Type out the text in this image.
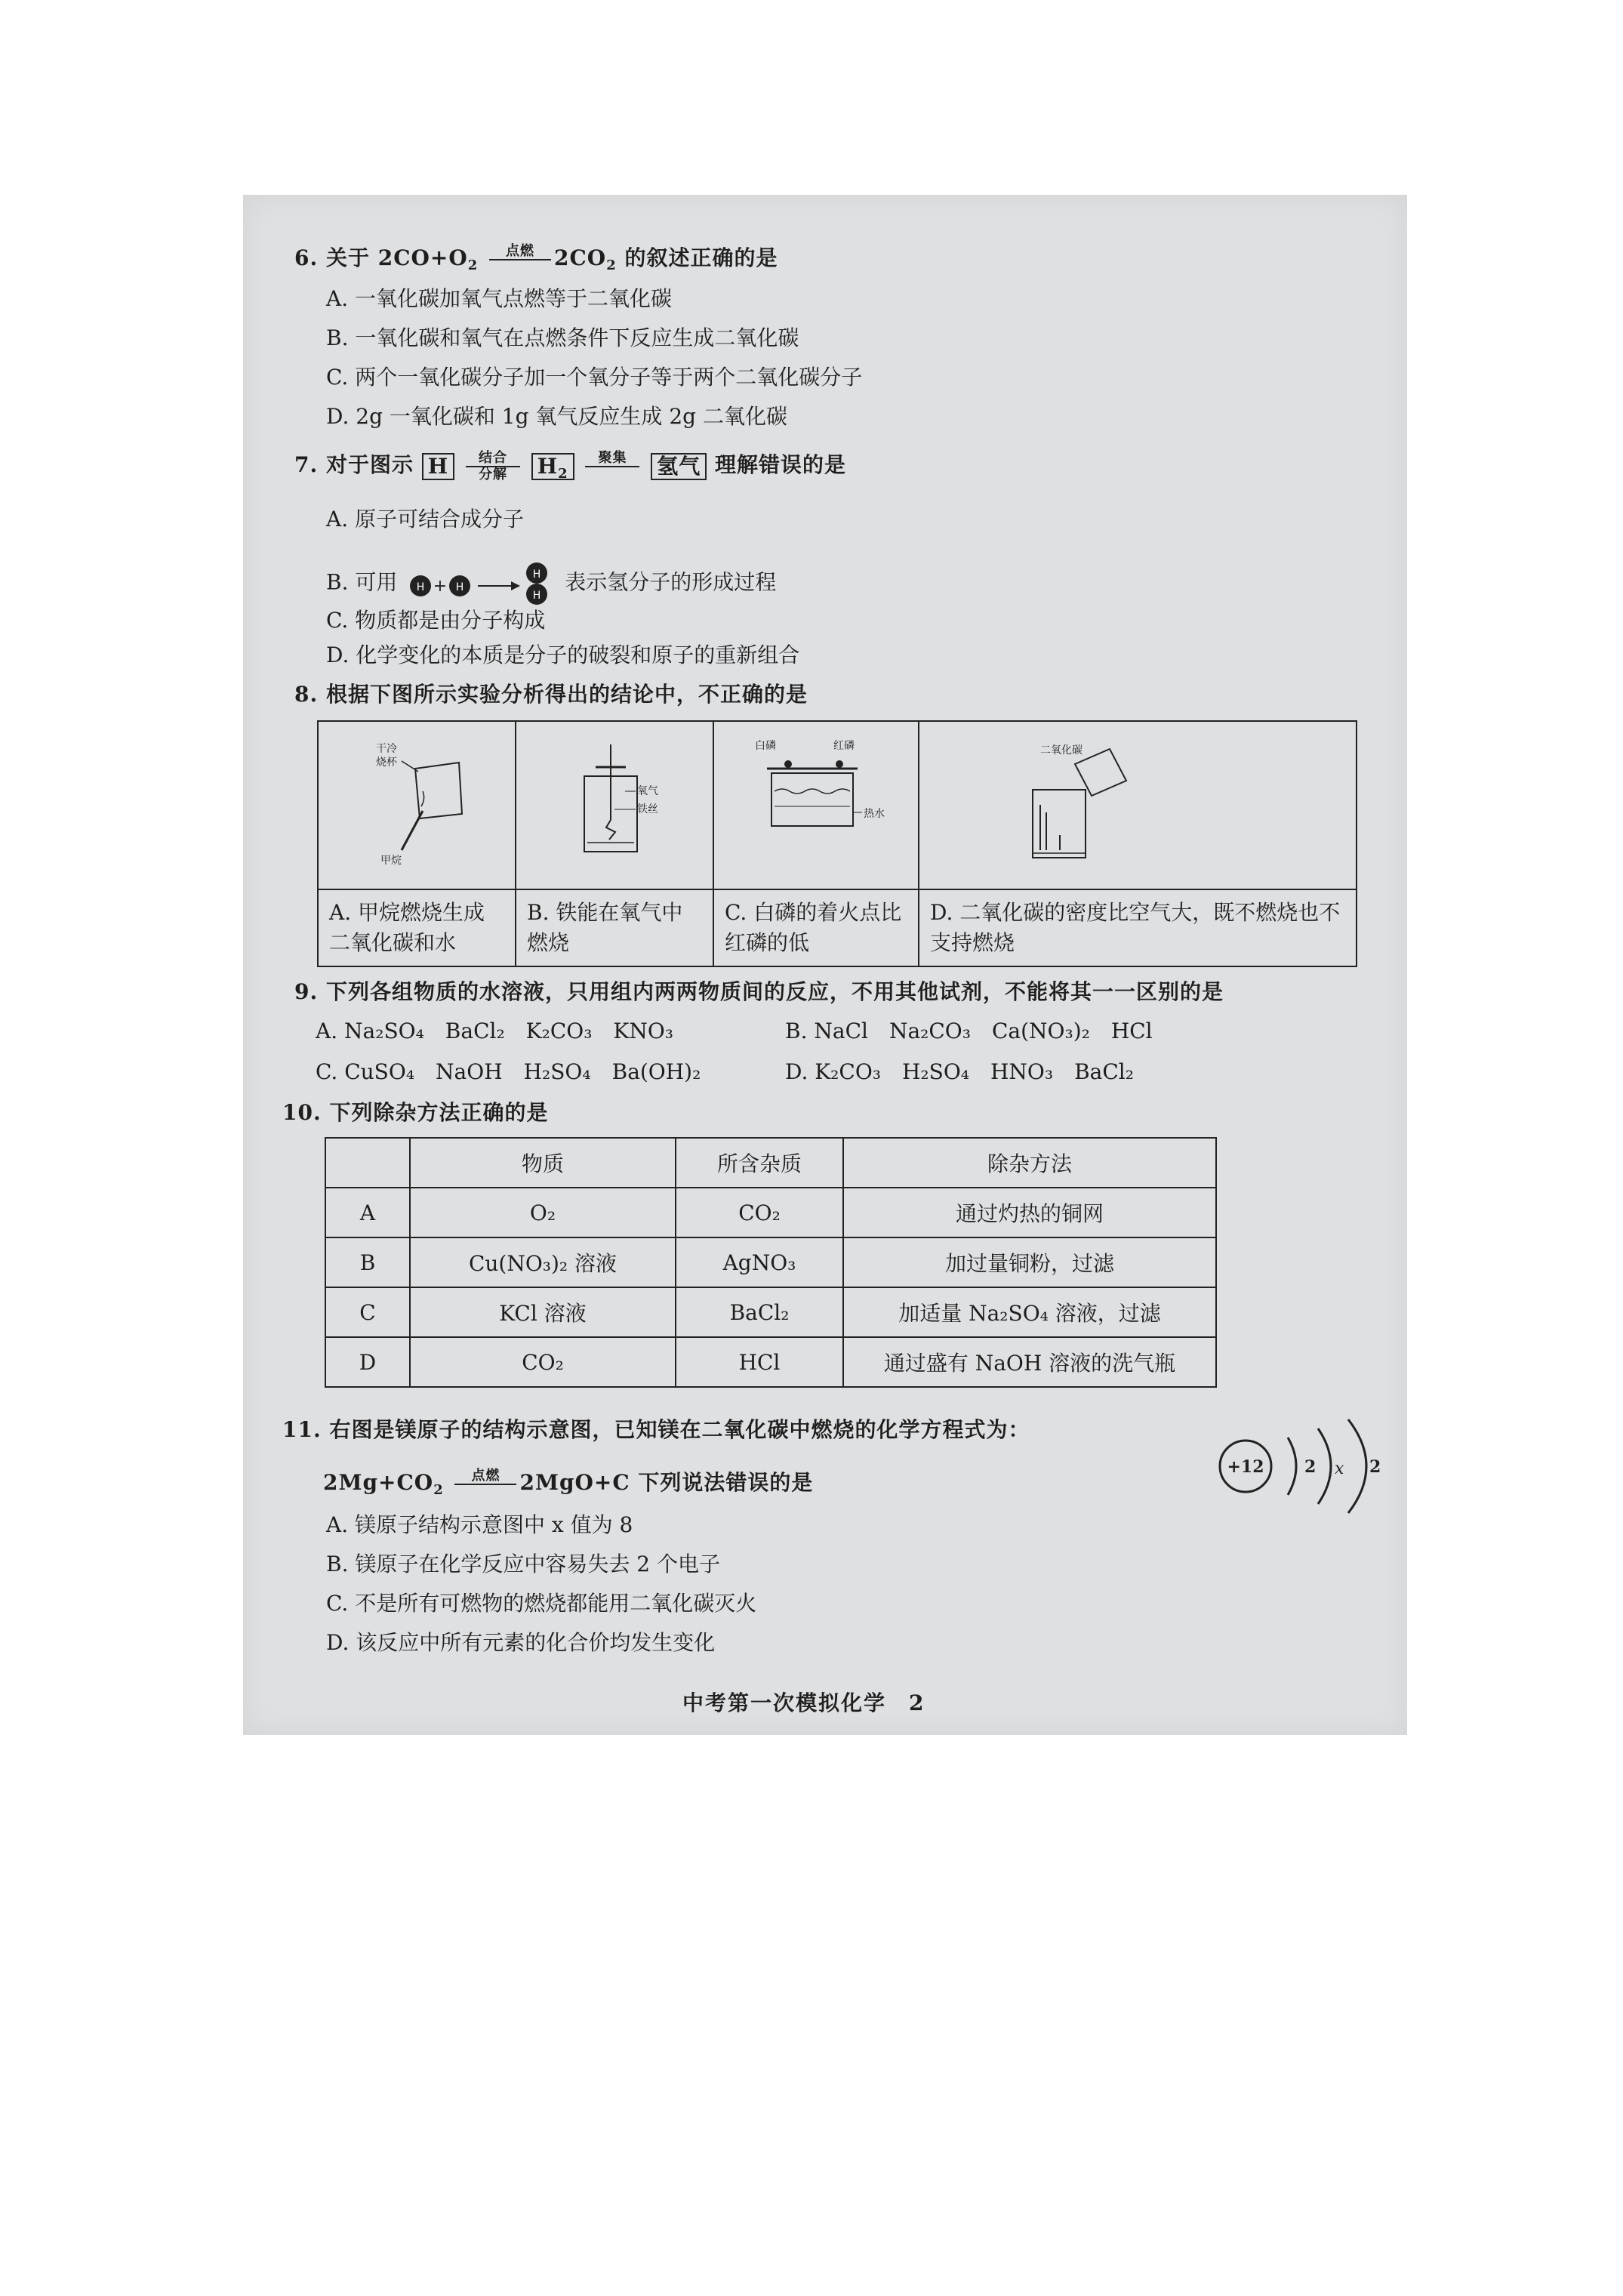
6. 关于 $2CO+O_2$
点燃 $2CO_2$ 的叙述正确的是
A. 一氧化碳加氧气点燃等于二氧化碳
B. 一氧化碳和氧气在点燃条件下反应生成二氧化碳
C. 两个一氧化碳分子加一个氧分子等于两个二氧化碳分子
D. 2g 一氧化碳和 1g 氧气反应生成 2g 二氧化碳
7. 对于图示 H	结合
分解	$H_2$
聚集	氢气 理解错误的是
A. 原子可结合成分子
B. 可用 H + H
H
H
表示氢分子的形成过程
C. 物质都是由分子构成
D. 化学变化的本质是分子的破裂和原子的重新组合
8. 根据下图所示实验分析得出的结论中，不正确的是
干冷
烧杯
甲烷	氧气
铁丝	白磷 红磷
热水	二氧化碳

A. 甲烷燃烧生成二氧化碳和水	B. 铁能在氧气中燃烧	C. 白磷的着火点比红磷的低	D. 二氧化碳的密度比空气大，既不燃烧也不支持燃烧
9. 下列各组物质的水溶液，只用组内两两物质间的反应，不用其他试剂，不能将其一一区别的是
A. Na₂SO₄　BaCl₂　K₂CO₃　KNO₃	B. NaCl　Na₂CO₃　Ca(NO₃)₂　HCl
C. CuSO₄　NaOH　H₂SO₄　Ba(OH)₂	D. K₂CO₃　H₂SO₄　HNO₃　BaCl₂
10. 下列除杂方法正确的是
	物质	所含杂质	除杂方法
A	O₂	CO₂	通过灼热的铜网
B	Cu(NO₃)₂ 溶液	AgNO₃	加过量铜粉，过滤
C	KCl 溶液	BaCl₂	加适量 Na₂SO₄ 溶液，过滤
D	CO₂	HCl	通过盛有 NaOH 溶液的洗气瓶
11. 右图是镁原子的结构示意图，已知镁在二氧化碳中燃烧的化学方程式为：
$2Mg+CO_2$
点燃 2MgO+C 下列说法错误的是
A. 镁原子结构示意图中 x 值为 8
B. 镁原子在化学反应中容易失去 2 个电子
C. 不是所有可燃物的燃烧都能用二氧化碳灭火
D. 该反应中所有元素的化合价均发生变化
+12 2 x 2
中考第一次模拟化学　2
